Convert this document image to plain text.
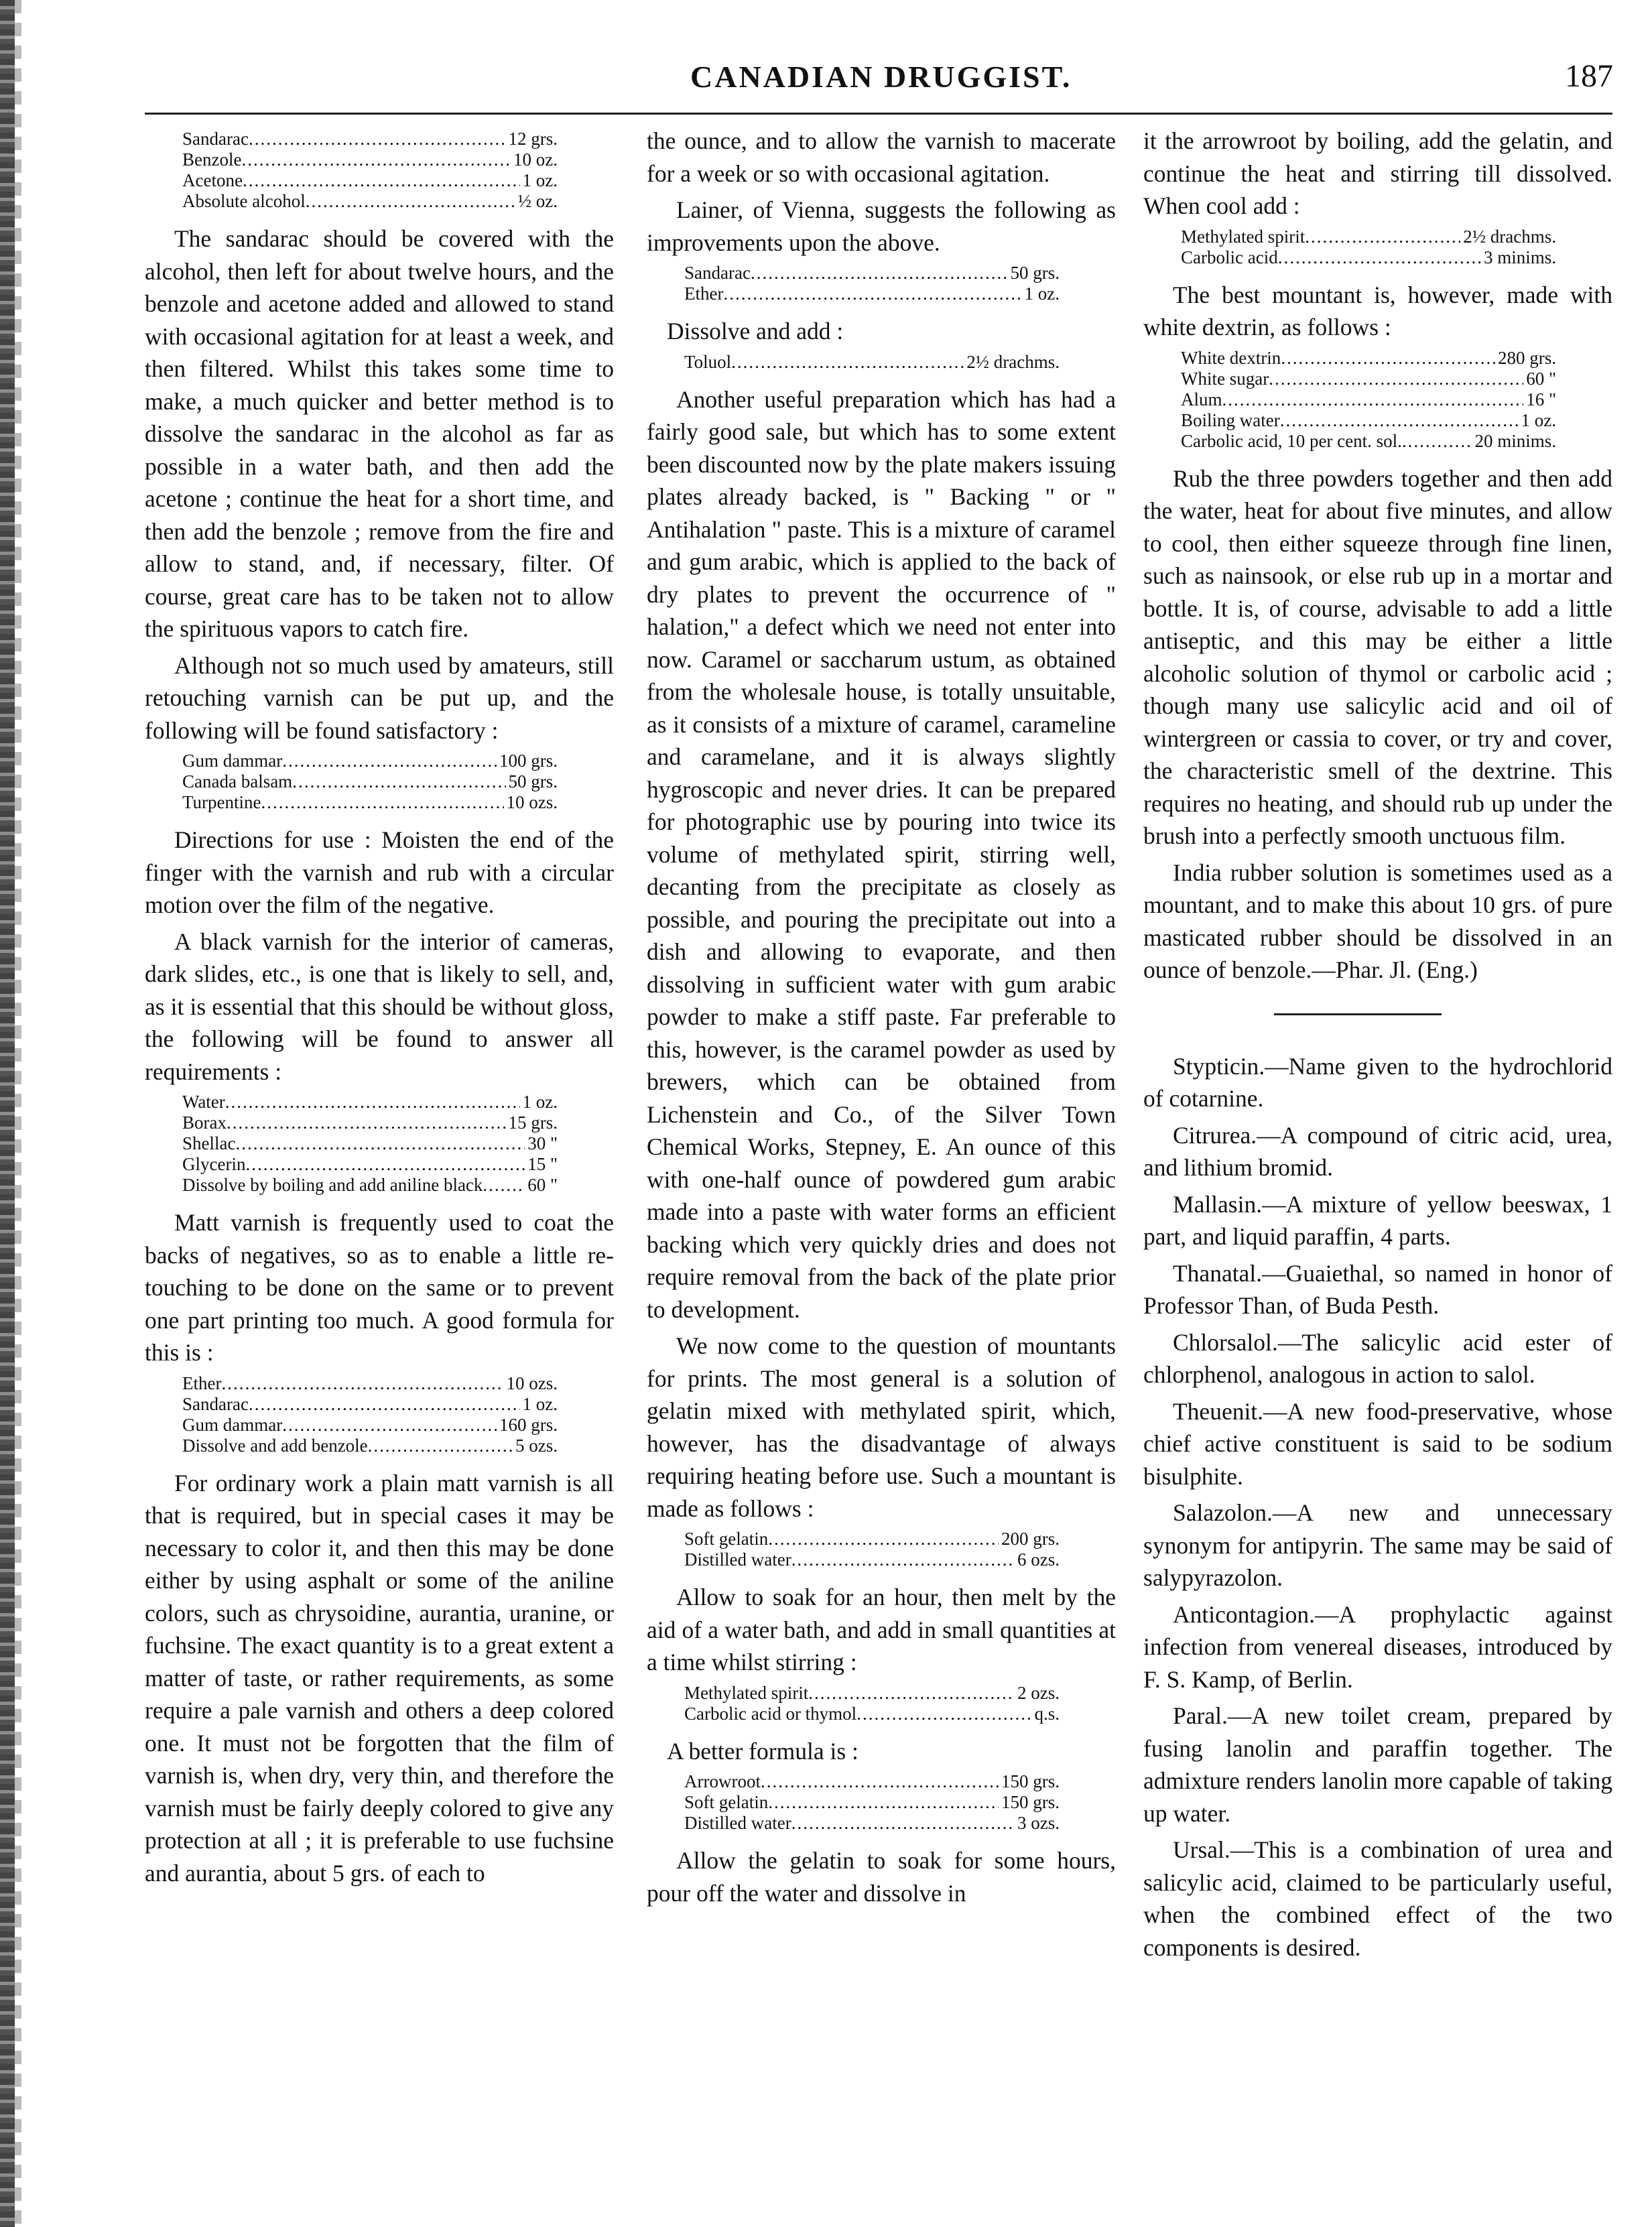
CANADIAN DRUGGIST.	187
Sandarac .....	12 grs.
Benzole .....	10 oz.
Acetone .....	1 oz.
Absolute alcohol .....	½ oz.

The sandarac should be covered with the alcohol, then left for about twelve hours, and the benzole and acetone added and allowed to stand with occasional agitation for at least a week, and then filtered. Whilst this takes some time to make, a much quicker and better method is to dissolve the sandarac in the alcohol as far as possible in a water bath, and then add the acetone ; continue the heat for a short time, and then add the benzole ; remove from the fire and allow to stand, and, if necessary, filter. Of course, great care has to be taken not to allow the spirituous vapors to catch fire.

Although not so much used by amateurs, still retouching varnish can be put up, and the following will be found satisfactory :

Gum dammar .....	100 grs.
Canada balsam .....	50 grs.
Turpentine .....	10 ozs.

Directions for use : Moisten the end of the finger with the varnish and rub with a circular motion over the film of the negative.

A black varnish for the interior of cameras, dark slides, etc., is one that is likely to sell, and, as it is essential that this should be without gloss, the following will be found to answer all requirements :

Water .....	1 oz.
Borax .....	15 grs.
Shellac .....	30 "
Glycerin .....	15 "
Dissolve by boiling and add aniline black ..... 60 "

Matt varnish is frequently used to coat the backs of negatives, so as to enable a little re-touching to be done on the same or to prevent one part printing too much. A good formula for this is :

Ether .....	10 ozs.
Sandarac .....	1 oz.
Gum dammar .....	160 grs.
Dissolve and add benzole .....	5 ozs.

For ordinary work a plain matt varnish is all that is required, but in special cases it may be necessary to color it, and then this may be done either by using asphalt or some of the aniline colors, such as chrysoidine, aurantia, uranine, or fuchsine. The exact quantity is to a great extent a matter of taste, or rather requirements, as some require a pale varnish and others a deep colored one. It must not be forgotten that the film of varnish is, when dry, very thin, and therefore the varnish must be fairly deeply colored to give any protection at all ; it is preferable to use fuchsine and aurantia, about 5 grs. of each to

the ounce, and to allow the varnish to macerate for a week or so with occasional agitation.

Lainer, of Vienna, suggests the following as improvements upon the above.

Sandarac .....	50 grs.
Ether .....	1 oz.
Dissolve and add :
Toluol .....	2½ drachms.

Another useful preparation which has had a fairly good sale, but which has to some extent been discounted now by the plate makers issuing plates already backed, is " Backing " or " Antihalation " paste. This is a mixture of caramel and gum arabic, which is applied to the back of dry plates to prevent the occurrence of " halation," a defect which we need not enter into now. Caramel or saccharum ustum, as obtained from the wholesale house, is totally unsuitable, as it consists of a mixture of caramel, carameline and caramelane, and it is always slightly hygroscopic and never dries. It can be prepared for photographic use by pouring into twice its volume of methylated spirit, stirring well, decanting from the precipitate as closely as possible, and pouring the precipitate out into a dish and allowing to evaporate, and then dissolving in sufficient water with gum arabic powder to make a stiff paste. Far preferable to this, however, is the caramel powder as used by brewers, which can be obtained from Lichenstein and Co., of the Silver Town Chemical Works, Stepney, E. An ounce of this with one-half ounce of powdered gum arabic made into a paste with water forms an efficient backing which very quickly dries and does not require removal from the back of the plate prior to development.

We now come to the question of mountants for prints. The most general is a solution of gelatin mixed with methylated spirit, which, however, has the disadvantage of always requiring heating before use. Such a mountant is made as follows :

Soft gelatin .....	200 grs.
Distilled water .....	6 ozs.

Allow to soak for an hour, then melt by the aid of a water bath, and add in small quantities at a time whilst stirring :

Methylated spirit .....	2 ozs.
Carbolic acid or thymol .....	q.s.
A better formula is :
Arrowroot .....	150 grs.
Soft gelatin .....	150 grs.
Distilled water .....	3 ozs.

Allow the gelatin to soak for some hours, pour off the water and dissolve in

it the arrowroot by boiling, add the gelatin, and continue the heat and stirring till dissolved. When cool add :

Methylated spirit .....	2½ drachms.
Carbolic acid .....	3 minims.

The best mountant is, however, made with white dextrin, as follows :

White dextrin .....	280 grs.
White sugar .....	60 "
Alum .....	16 "
Boiling water .....	1 oz.
Carbolic acid, 10 per cent. sol. .....	20 minims.

Rub the three powders together and then add the water, heat for about five minutes, and allow to cool, then either squeeze through fine linen, such as nainsook, or else rub up in a mortar and bottle. It is, of course, advisable to add a little antiseptic, and this may be either a little alcoholic solution of thymol or carbolic acid ; though many use salicylic acid and oil of wintergreen or cassia to cover, or try and cover, the characteristic smell of the dextrine. This requires no heating, and should rub up under the brush into a perfectly smooth unctuous film.

India rubber solution is sometimes used as a mountant, and to make this about 10 grs. of pure masticated rubber should be dissolved in an ounce of benzole.—Phar. Jl. (Eng.)

Stypticin.—Name given to the hydrochlorid of cotarnine.

Citrurea.—A compound of citric acid, urea, and lithium bromid.

Mallasin.—A mixture of yellow beeswax, 1 part, and liquid paraffin, 4 parts.

Thanatal.—Guaiethal, so named in honor of Professor Than, of Buda Pesth.

Chlorsalol.—The salicylic acid ester of chlorphenol, analogous in action to salol.

Theuenit.—A new food-preservative, whose chief active constituent is said to be sodium bisulphite.

Salazolon.—A new and unnecessary synonym for antipyrin. The same may be said of salypyrazolon.

Anticontagion.—A prophylactic against infection from venereal diseases, introduced by F. S. Kamp, of Berlin.

Paral.—A new toilet cream, prepared by fusing lanolin and paraffin together. The admixture renders lanolin more capable of taking up water.

Ursal.—This is a combination of urea and salicylic acid, claimed to be particularly useful, when the combined effect of the two components is desired.
